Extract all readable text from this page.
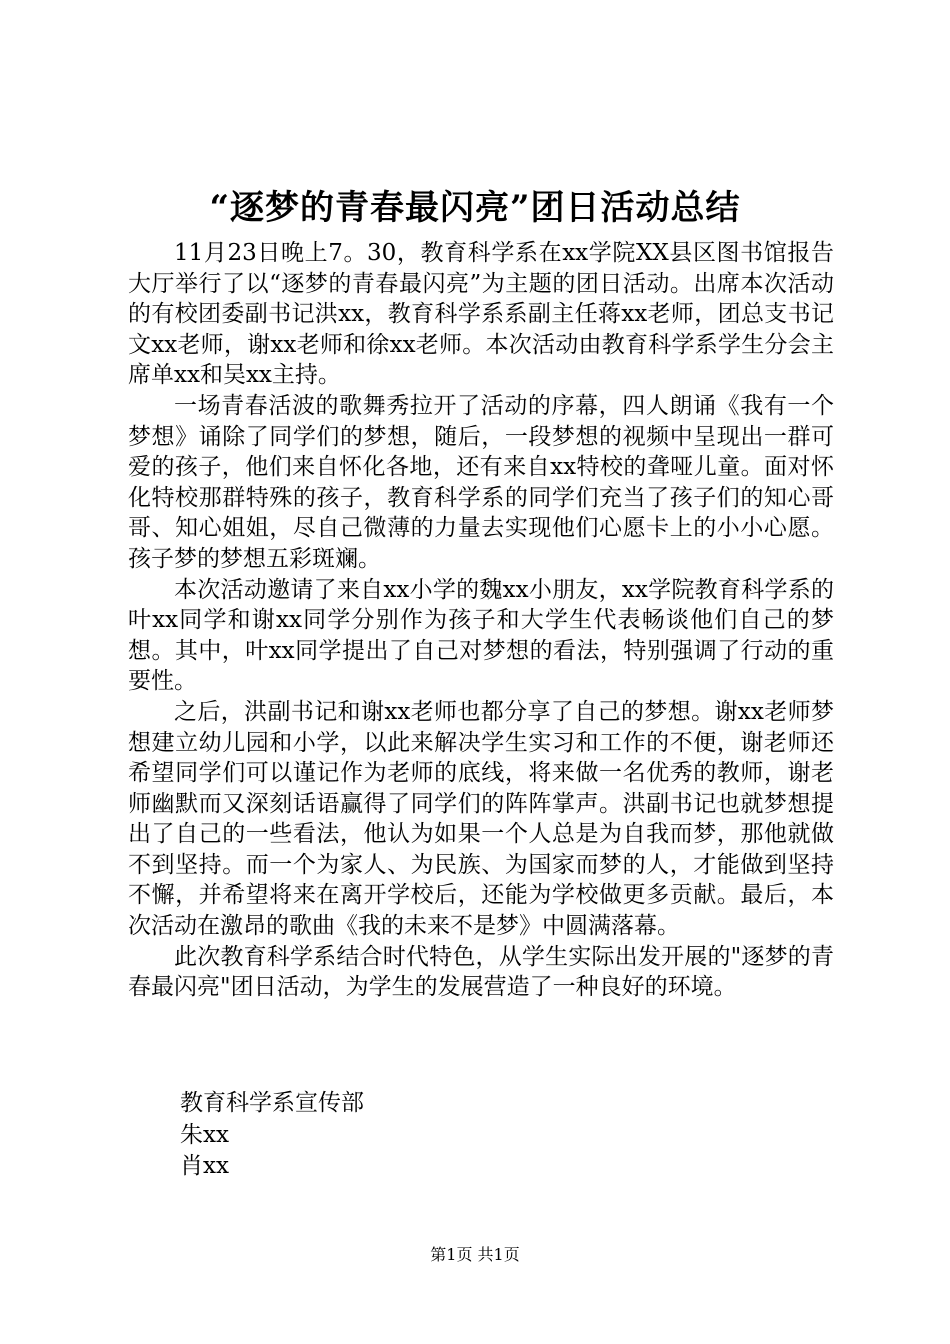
“逐梦的青春最闪亮”团日活动总结

11月23日晚上7。30，教育科学系在xx学院XX县区图书馆报告大厅举行了以“逐梦的青春最闪亮”为主题的团日活动。出席本次活动的有校团委副书记洪xx，教育科学系系副主任蒋xx老师，团总支书记文xx老师，谢xx老师和徐xx老师。本次活动由教育科学系学生分会主席单xx和吴xx主持。

一场青春活波的歌舞秀拉开了活动的序幕，四人朗诵《我有一个梦想》诵除了同学们的梦想，随后，一段梦想的视频中呈现出一群可爱的孩子，他们来自怀化各地，还有来自xx特校的聋哑儿童。面对怀化特校那群特殊的孩子，教育科学系的同学们充当了孩子们的知心哥哥、知心姐姐，尽自己微薄的力量去实现他们心愿卡上的小小心愿。孩子梦的梦想五彩斑斓。

本次活动邀请了来自xx小学的魏xx小朋友，xx学院教育科学系的叶xx同学和谢xx同学分别作为孩子和大学生代表畅谈他们自己的梦想。其中，叶xx同学提出了自己对梦想的看法，特别强调了行动的重要性。

之后，洪副书记和谢xx老师也都分享了自己的梦想。谢xx老师梦想建立幼儿园和小学，以此来解决学生实习和工作的不便，谢老师还希望同学们可以谨记作为老师的底线，将来做一名优秀的教师，谢老师幽默而又深刻话语赢得了同学们的阵阵掌声。洪副书记也就梦想提出了自己的一些看法，他认为如果一个人总是为自我而梦，那他就做不到坚持。而一个为家人、为民族、为国家而梦的人，才能做到坚持不懈，并希望将来在离开学校后，还能为学校做更多贡献。最后，本次活动在激昂的歌曲《我的未来不是梦》中圆满落幕。

此次教育科学系结合时代特色，从学生实际出发开展的"逐梦的青春最闪亮"团日活动，为学生的发展营造了一种良好的环境。

教育科学系宣传部
朱xx
肖xx
第1页 共1页
